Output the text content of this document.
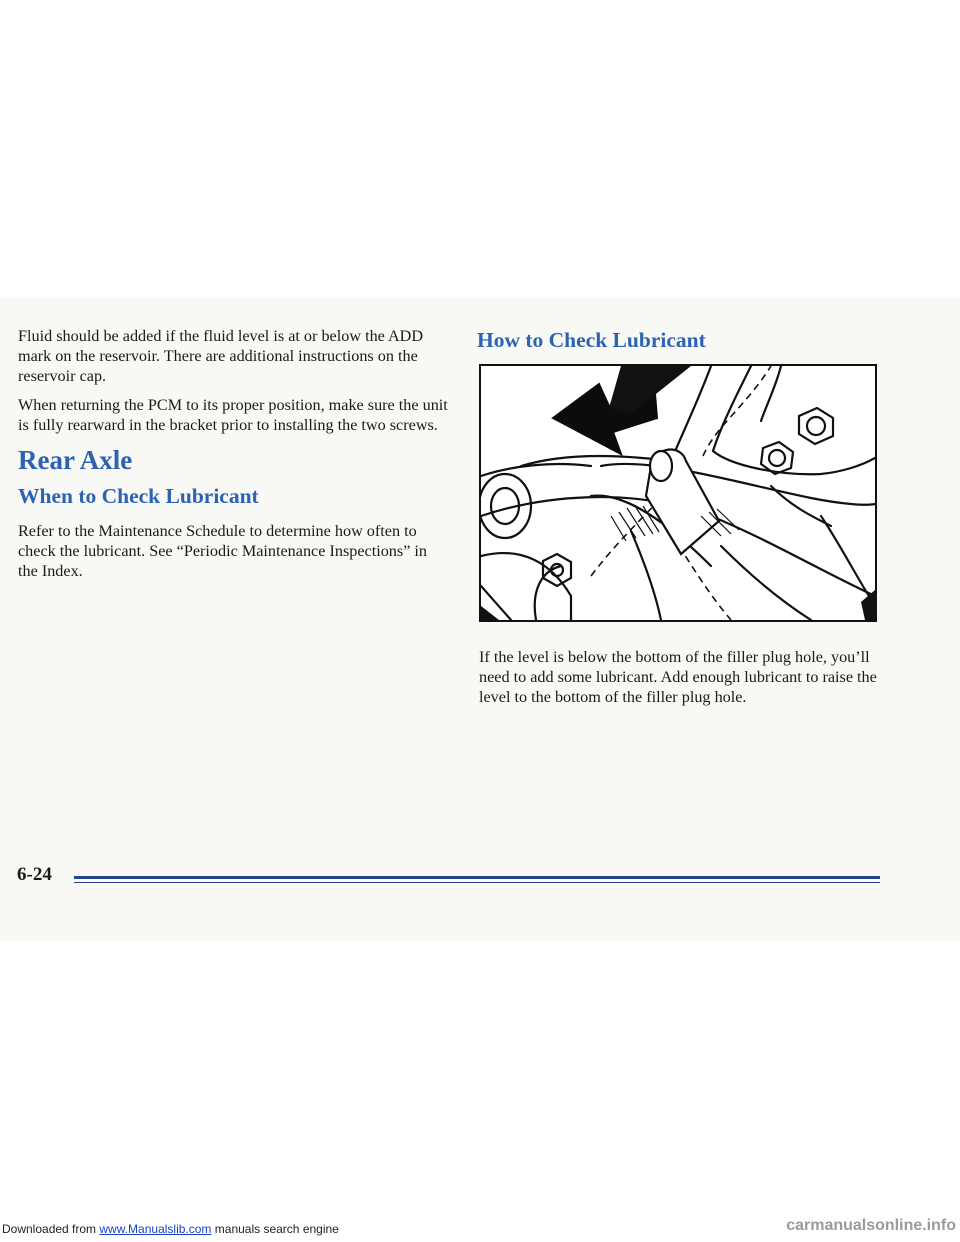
Fluid should be added if the fluid level is at or below the ADD mark on the reservoir. There are additional instructions on the reservoir cap.

When returning the PCM to its proper position, make sure the unit is fully rearward in the bracket prior to installing the two screws.

Rear Axle
When to Check Lubricant

Refer to the Maintenance Schedule to determine how often to check the lubricant. See “Periodic Maintenance Inspections” in the Index.

How to Check Lubricant

If the level is below the bottom of the filler plug hole, you’ll need to add some lubricant. Add enough lubricant to raise the level to the bottom of the filler plug hole.

6-24
Downloaded from www.Manualslib.com manuals search engine	carmanualsonline.info
